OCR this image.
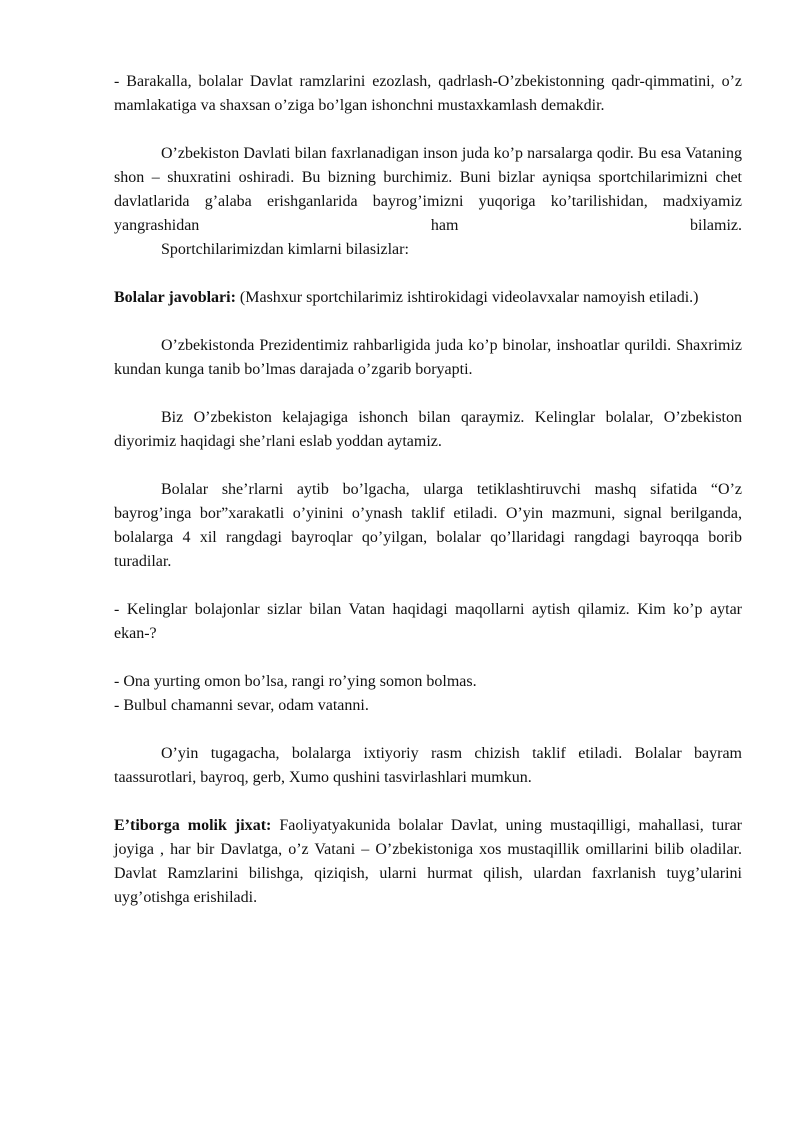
- Barakalla, bolalar Davlat ramzlarini ezozlash, qadrlash-O’zbekistonning qadr-qimmatini, o’z mamlakatiga va shaxsan o’ziga bo’lgan ishonchni mustaxkamlash demakdir.

O’zbekiston Davlati bilan faxrlanadigan inson juda ko’p narsalarga qodir. Bu esa Vataning shon – shuxratini oshiradi. Bu bizning burchimiz. Buni bizlar ayniqsa sportchilarimizni chet davlatlarida g’alaba erishganlarida bayrog’imizni yuqoriga ko’tarilishidan, madxiyamiz yangrashidan ham bilamiz.
Sportchilarimizdan kimlarni bilasizlar:

Bolalar javoblari: (Mashxur sportchilarimiz ishtirokidagi videolavxalar namoyish etiladi.)

O’zbekistonda Prezidentimiz rahbarligida juda ko’p binolar, inshoatlar qurildi. Shaxrimiz kundan kunga tanib bo’lmas darajada o’zgarib boryapti.

Biz O’zbekiston kelajagiga ishonch bilan qaraymiz. Kelinglar bolalar, O’zbekiston diyorimiz haqidagi she’rlani eslab yoddan aytamiz.

Bolalar she’rlarni aytib bo’lgacha, ularga tetiklashtiruvchi mashq sifatida “O’z bayrog’inga bor”xarakatli o’yinini o’ynash taklif etiladi. O’yin mazmuni, signal berilganda, bolalarga 4 xil rangdagi bayroqlar qo’yilgan, bolalar qo’llaridagi rangdagi bayroqqa borib turadilar.

- Kelinglar bolajonlar sizlar bilan Vatan haqidagi maqollarni aytish qilamiz. Kim ko’p aytar ekan-?

- Ona yurting omon bo’lsa, rangi ro’ying somon bolmas.
- Bulbul chamanni sevar, odam vatanni.

O’yin tugagacha, bolalarga ixtiyoriy rasm chizish taklif etiladi. Bolalar bayram taassurotlari, bayroq, gerb, Xumo qushini tasvirlashlari mumkun.

E’tiborga molik jixat: Faoliyatyakunida bolalar Davlat, uning mustaqilligi, mahallasi, turar joyiga , har bir Davlatga, o’z Vatani – O’zbekistoniga xos mustaqillik omillarini bilib oladilar. Davlat Ramzlarini bilishga, qiziqish, ularni hurmat qilish, ulardan faxrlanish tuyg’ularini uyg’otishga erishiladi.
